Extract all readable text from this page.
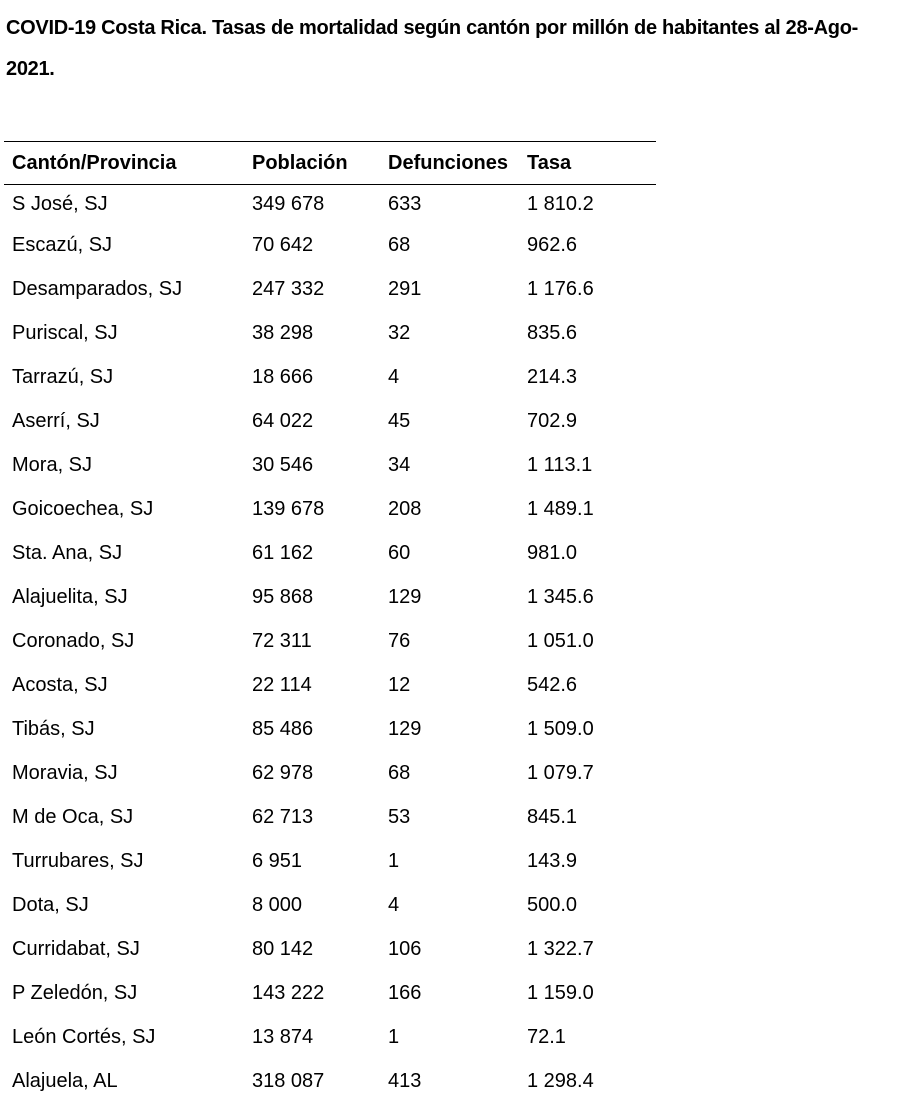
COVID-19 Costa Rica. Tasas de mortalidad según cantón por millón de habitantes al 28-Ago-2021.
Cantón/Provincia	Población	Defunciones	Tasa
S José, SJ	349 678	633	1 810.2
Escazú, SJ	70 642	68	962.6
Desamparados, SJ	247 332	291	1 176.6
Puriscal, SJ	38 298	32	835.6
Tarrazú, SJ	18 666	4	214.3
Aserrí, SJ	64 022	45	702.9
Mora, SJ	30 546	34	1 113.1
Goicoechea, SJ	139 678	208	1 489.1
Sta. Ana, SJ	61 162	60	981.0
Alajuelita, SJ	95 868	129	1 345.6
Coronado, SJ	72 311	76	1 051.0
Acosta, SJ	22 114	12	542.6
Tibás, SJ	85 486	129	1 509.0
Moravia, SJ	62 978	68	1 079.7
M de Oca, SJ	62 713	53	845.1
Turrubares, SJ	6 951	1	143.9
Dota, SJ	8 000	4	500.0
Curridabat, SJ	80 142	106	1 322.7
P Zeledón, SJ	143 222	166	1 159.0
León Cortés, SJ	13 874	1	72.1
Alajuela, AL	318 087	413	1 298.4
